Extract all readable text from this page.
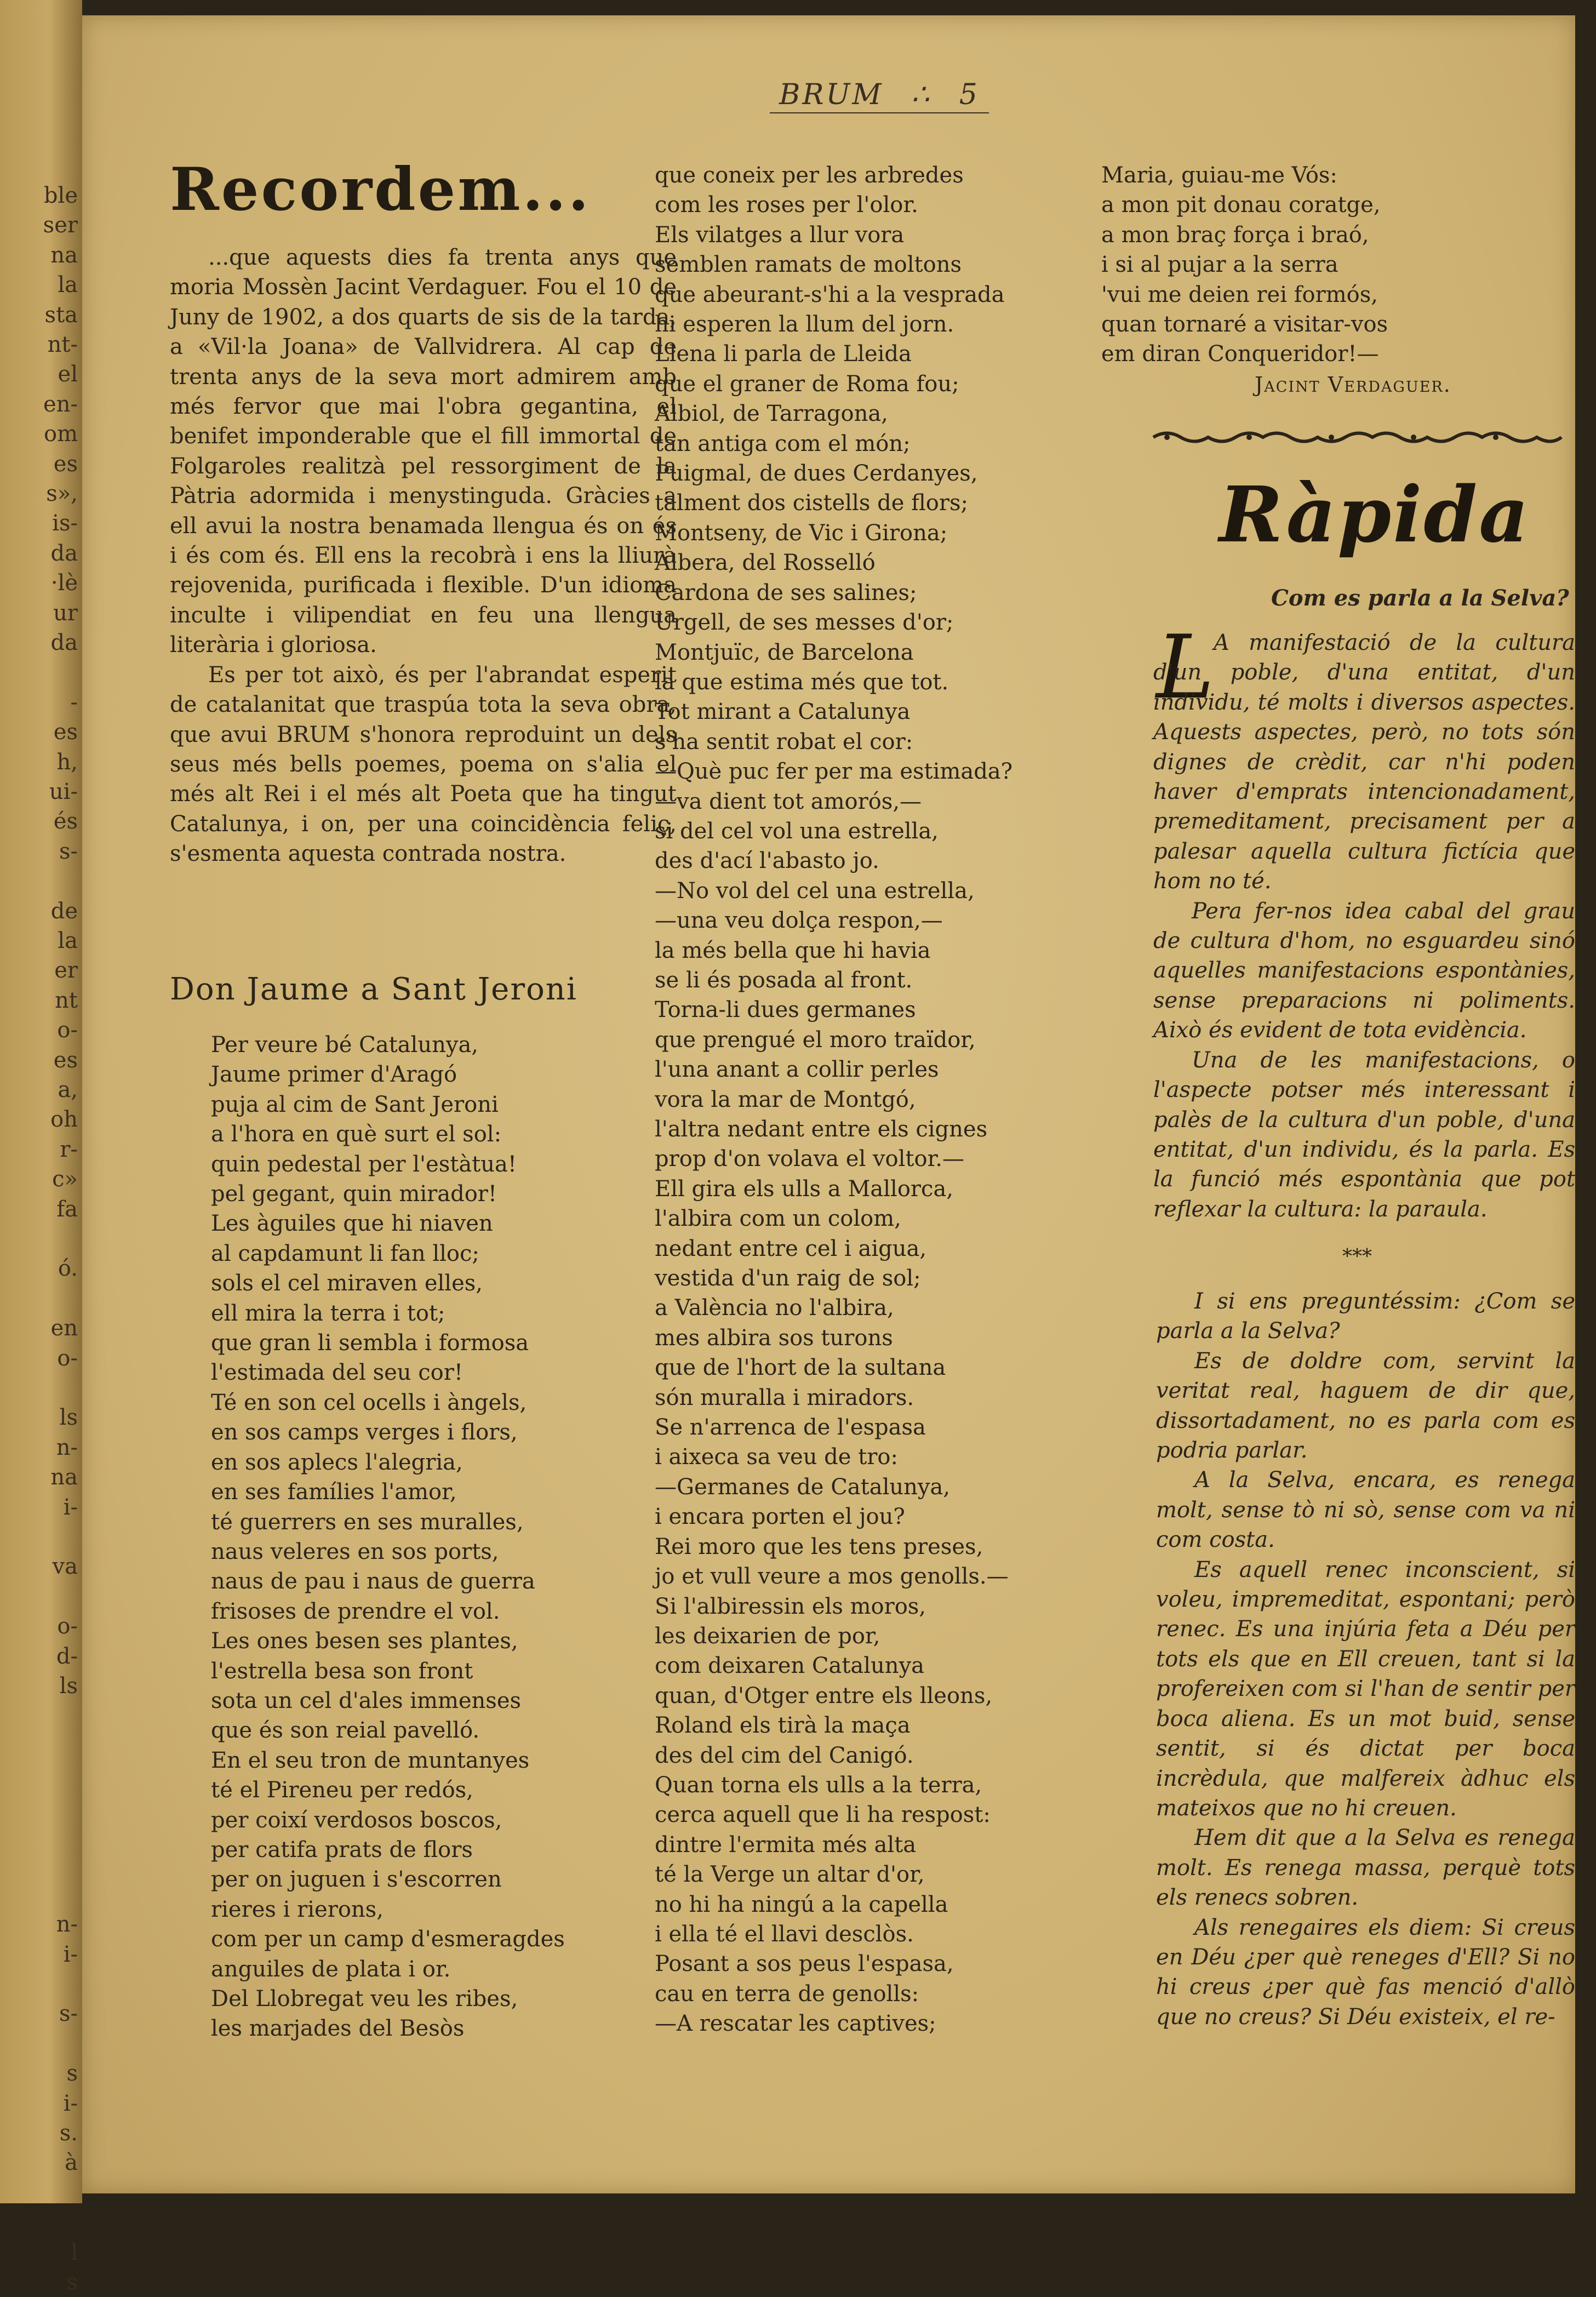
ble
ser
na
la
sta
nt-
el
en-
om
es
s»,
is-
da
·lè
ur
da
-
es
h,
ui-
és
s-
de
la
er
nt
o-
es
a,
oh
r-
c»
fa
ó.
en
o-
ls
n-
na
i-
va
o-
d-
ls
n-
i-
s-
s
i-
s.
à
l
s
BRUM ∴ 5
Recordem...

...que aquests dies fa trenta anys que moria Mossèn Jacint Verdaguer. Fou el 10 de Juny de 1902, a dos quarts de sis de la tarda, a «Vil·la Joana» de Vallvidrera. Al cap de trenta anys de la seva mort admirem amb més fervor que mai l'obra gegantina, el benifet imponderable que el fill immortal de Folgaroles realitzà pel ressorgiment de la Pàtria adormida i menystinguda. Gràcies a ell avui la nostra benamada llengua és on és i és com és. Ell ens la recobrà i ens la lliurà rejovenida, purificada i flexible. D'un idioma inculte i vilipendiat en feu una llengua literària i gloriosa.

Es per tot això, és per l'abrandat esperit de catalanitat que traspúa tota la seva obra, que avui BRUM s'honora reproduint un dels seus més bells poemes, poema on s'alia el més alt Rei i el més alt Poeta que ha tingut Catalunya, i on, per una coincidència feliç, s'esmenta aquesta contrada nostra.

Don Jaume a Sant Jeroni
Per veure bé Catalunya,
Jaume primer d'Aragó
puja al cim de Sant Jeroni
a l'hora en què surt el sol:
quin pedestal per l'estàtua!
pel gegant, quin mirador!
Les àguiles que hi niaven
al capdamunt li fan lloc;
sols el cel miraven elles,
ell mira la terra i tot;
que gran li sembla i formosa
l'estimada del seu cor!
Té en son cel ocells i àngels,
en sos camps verges i flors,
en sos aplecs l'alegria,
en ses famílies l'amor,
té guerrers en ses muralles,
naus veleres en sos ports,
naus de pau i naus de guerra
frisoses de prendre el vol.
Les ones besen ses plantes,
l'estrella besa son front
sota un cel d'ales immenses
que és son reial pavelló.
En el seu tron de muntanyes
té el Pireneu per redós,
per coixí verdosos boscos,
per catifa prats de flors
per on juguen i s'escorren
rieres i rierons,
com per un camp d'esmeragdes
anguiles de plata i or.
Del Llobregat veu les ribes,
les marjades del Besòs
que coneix per les arbredes
com les roses per l'olor.
Els vilatges a llur vora
semblen ramats de moltons
que abeurant-s'hi a la vesprada
hi esperen la llum del jorn.
Llena li parla de Lleida
que el graner de Roma fou;
Albiol, de Tarragona,
tan antiga com el món;
Puigmal, de dues Cerdanyes,
talment dos cistells de flors;
Montseny, de Vic i Girona;
Albera, del Rosselló
Cardona de ses salines;
Urgell, de ses messes d'or;
Montjuïc, de Barcelona
la que estima més que tot.
Tot mirant a Catalunya
s'ha sentit robat el cor:
—Què puc fer per ma estimada?
—va dient tot amorós,—
si del cel vol una estrella,
des d'ací l'abasto jo.
—No vol del cel una estrella,
—una veu dolça respon,—
la més bella que hi havia
se li és posada al front.
Torna-li dues germanes
que prengué el moro traïdor,
l'una anant a collir perles
vora la mar de Montgó,
l'altra nedant entre els cignes
prop d'on volava el voltor.—
Ell gira els ulls a Mallorca,
l'albira com un colom,
nedant entre cel i aigua,
vestida d'un raig de sol;
a València no l'albira,
mes albira sos turons
que de l'hort de la sultana
són muralla i miradors.
Se n'arrenca de l'espasa
i aixeca sa veu de tro:
—Germanes de Catalunya,
i encara porten el jou?
Rei moro que les tens preses,
jo et vull veure a mos genolls.—
Si l'albiressin els moros,
les deixarien de por,
com deixaren Catalunya
quan, d'Otger entre els lleons,
Roland els tirà la maça
des del cim del Canigó.
Quan torna els ulls a la terra,
cerca aquell que li ha respost:
dintre l'ermita més alta
té la Verge un altar d'or,
no hi ha ningú a la capella
i ella té el llavi desclòs.
Posant a sos peus l'espasa,
cau en terra de genolls:
—A rescatar les captives;
Maria, guiau-me Vós:
a mon pit donau coratge,
a mon braç força i braó,
i si al pujar a la serra
'vui me deien rei formós,
quan tornaré a visitar-vos
em diran Conqueridor!—
Jacint Verdaguer.
Ràpida
Com es parla a la Selva?
L

A manifestació de la cultura d'un poble, d'una entitat, d'un individu, té molts i diversos aspectes. Aquests aspectes, però, no tots són dignes de crèdit, car n'hi poden haver d'emprats intencionadament, premeditament, precisament per a palesar aquella cultura fictícia que hom no té.

Pera fer-nos idea cabal del grau de cultura d'hom, no esguardeu sinó aquelles manifestacions espontànies, sense preparacions ni poliments. Això és evident de tota evidència.

Una de les manifestacions, o l'aspecte potser més interessant i palès de la cultura d'un poble, d'una entitat, d'un individu, és la parla. Es la funció més espontània que pot reflexar la cultura: la paraula.

***

I si ens preguntéssim: ¿Com se parla a la Selva?

Es de doldre com, servint la veritat real, haguem de dir que, dissortadament, no es parla com es podria parlar.

A la Selva, encara, es renega molt, sense tò ni sò, sense com va ni com costa.

Es aquell renec inconscient, si voleu, impremeditat, espontani; però renec. Es una injúria feta a Déu per tots els que en Ell creuen, tant si la profereixen com si l'han de sentir per boca aliena. Es un mot buid, sense sentit, si és dictat per boca incrèdula, que malfereix àdhuc els mateixos que no hi creuen.

Hem dit que a la Selva es renega molt. Es renega massa, perquè tots els renecs sobren.

Als renegaires els diem: Si creus en Déu ¿per què reneges d'Ell? Si no hi creus ¿per què fas menció d'allò que no creus? Si Déu existeix, el re-
